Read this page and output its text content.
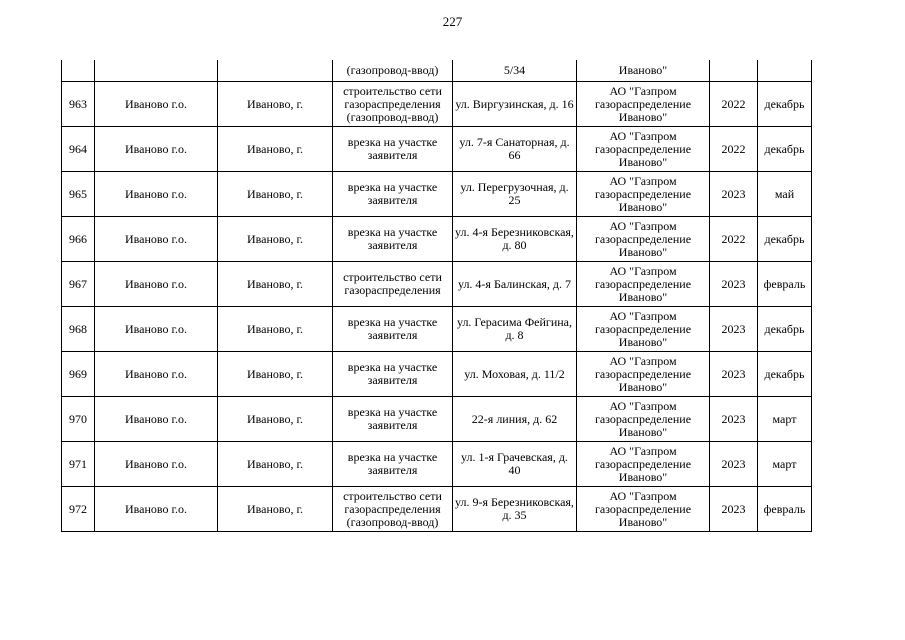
227
			(газопровод-ввод)	5/34	Иваново"		
963	Иваново г.о.	Иваново, г.	строительство сети газораспределения (газопровод-ввод)	ул. Виргузинская, д. 16	АО "Газпром газораспределение Иваново"	2022	декабрь
964	Иваново г.о.	Иваново, г.	врезка на участке заявителя	ул. 7-я Санаторная, д. 66	АО "Газпром газораспределение Иваново"	2022	декабрь
965	Иваново г.о.	Иваново, г.	врезка на участке заявителя	ул. Перегрузочная, д. 25	АО "Газпром газораспределение Иваново"	2023	май
966	Иваново г.о.	Иваново, г.	врезка на участке заявителя	ул. 4-я Березниковская, д. 80	АО "Газпром газораспределение Иваново"	2022	декабрь
967	Иваново г.о.	Иваново, г.	строительство сети газораспределения	ул. 4-я Балинская, д. 7	АО "Газпром газораспределение Иваново"	2023	февраль
968	Иваново г.о.	Иваново, г.	врезка на участке заявителя	ул. Герасима Фейгина, д. 8	АО "Газпром газораспределение Иваново"	2023	декабрь
969	Иваново г.о.	Иваново, г.	врезка на участке заявителя	ул. Моховая, д. 11/2	АО "Газпром газораспределение Иваново"	2023	декабрь
970	Иваново г.о.	Иваново, г.	врезка на участке заявителя	22-я линия, д. 62	АО "Газпром газораспределение Иваново"	2023	март
971	Иваново г.о.	Иваново, г.	врезка на участке заявителя	ул. 1-я Грачевская, д. 40	АО "Газпром газораспределение Иваново"	2023	март
972	Иваново г.о.	Иваново, г.	строительство сети газораспределения (газопровод-ввод)	ул. 9-я Березниковская, д. 35	АО "Газпром газораспределение Иваново"	2023	февраль
